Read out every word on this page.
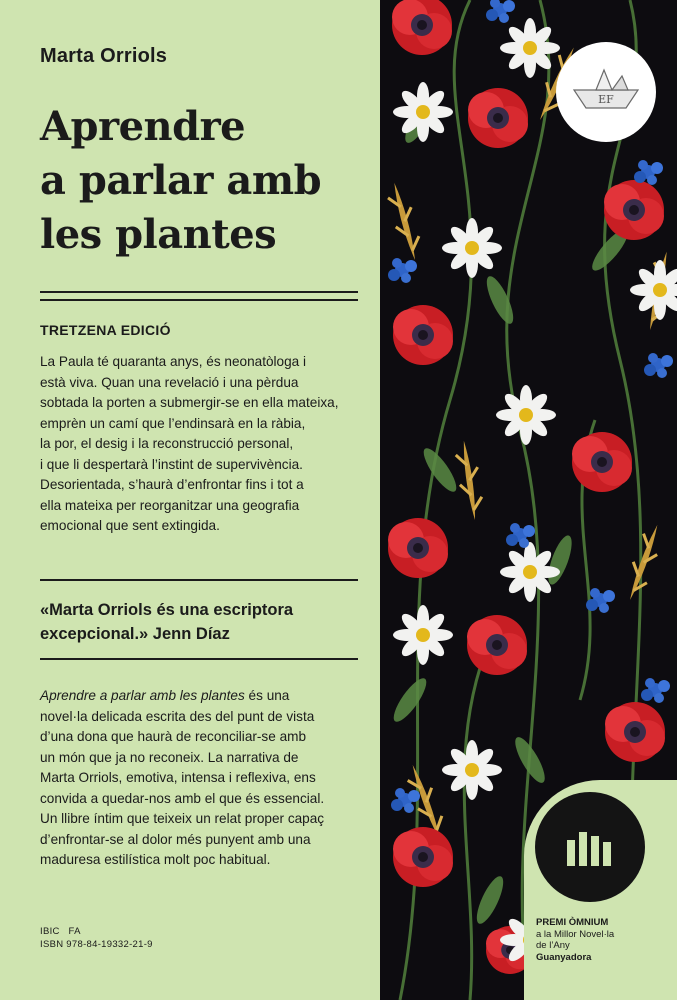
Marta Orriols
Aprendre
a parlar amb
les plantes
TRETZENA EDICIÓ
La Paula té quaranta anys, és neonatòloga i
està viva. Quan una revelació i una pèrdua
sobtada la porten a submergir-se en ella mateixa,
emprèn un camí que l’endinsarà en la ràbia,
la por, el desig i la reconstrucció personal,
i que li despertarà l’instint de supervivència.
Desorientada, s’haurà d’enfrontar fins i tot a
ella mateixa per reorganitzar una geografia
emocional que sent extingida.
«Marta Orriols és una escriptora
excepcional.» Jenn Díaz
Aprendre a parlar amb les plantes és una
novel·la delicada escrita des del punt de vista
d’una dona que haurà de reconciliar-se amb
un món que ja no reconeix. La narrativa de
Marta Orriols, emotiva, intensa i reflexiva, ens
convida a quedar-nos amb el que és essencial.
Un llibre íntim que teixeix un relat proper capaç
d’enfrontar-se al dolor més punyent amb una
maduresa estilística molt poc habitual.
IBIC   FA
ISBN 978-84-19332-21-9
EF
PREMI ÒMNIUM
a la Millor Novel·la
de l’Any
Guanyadora
